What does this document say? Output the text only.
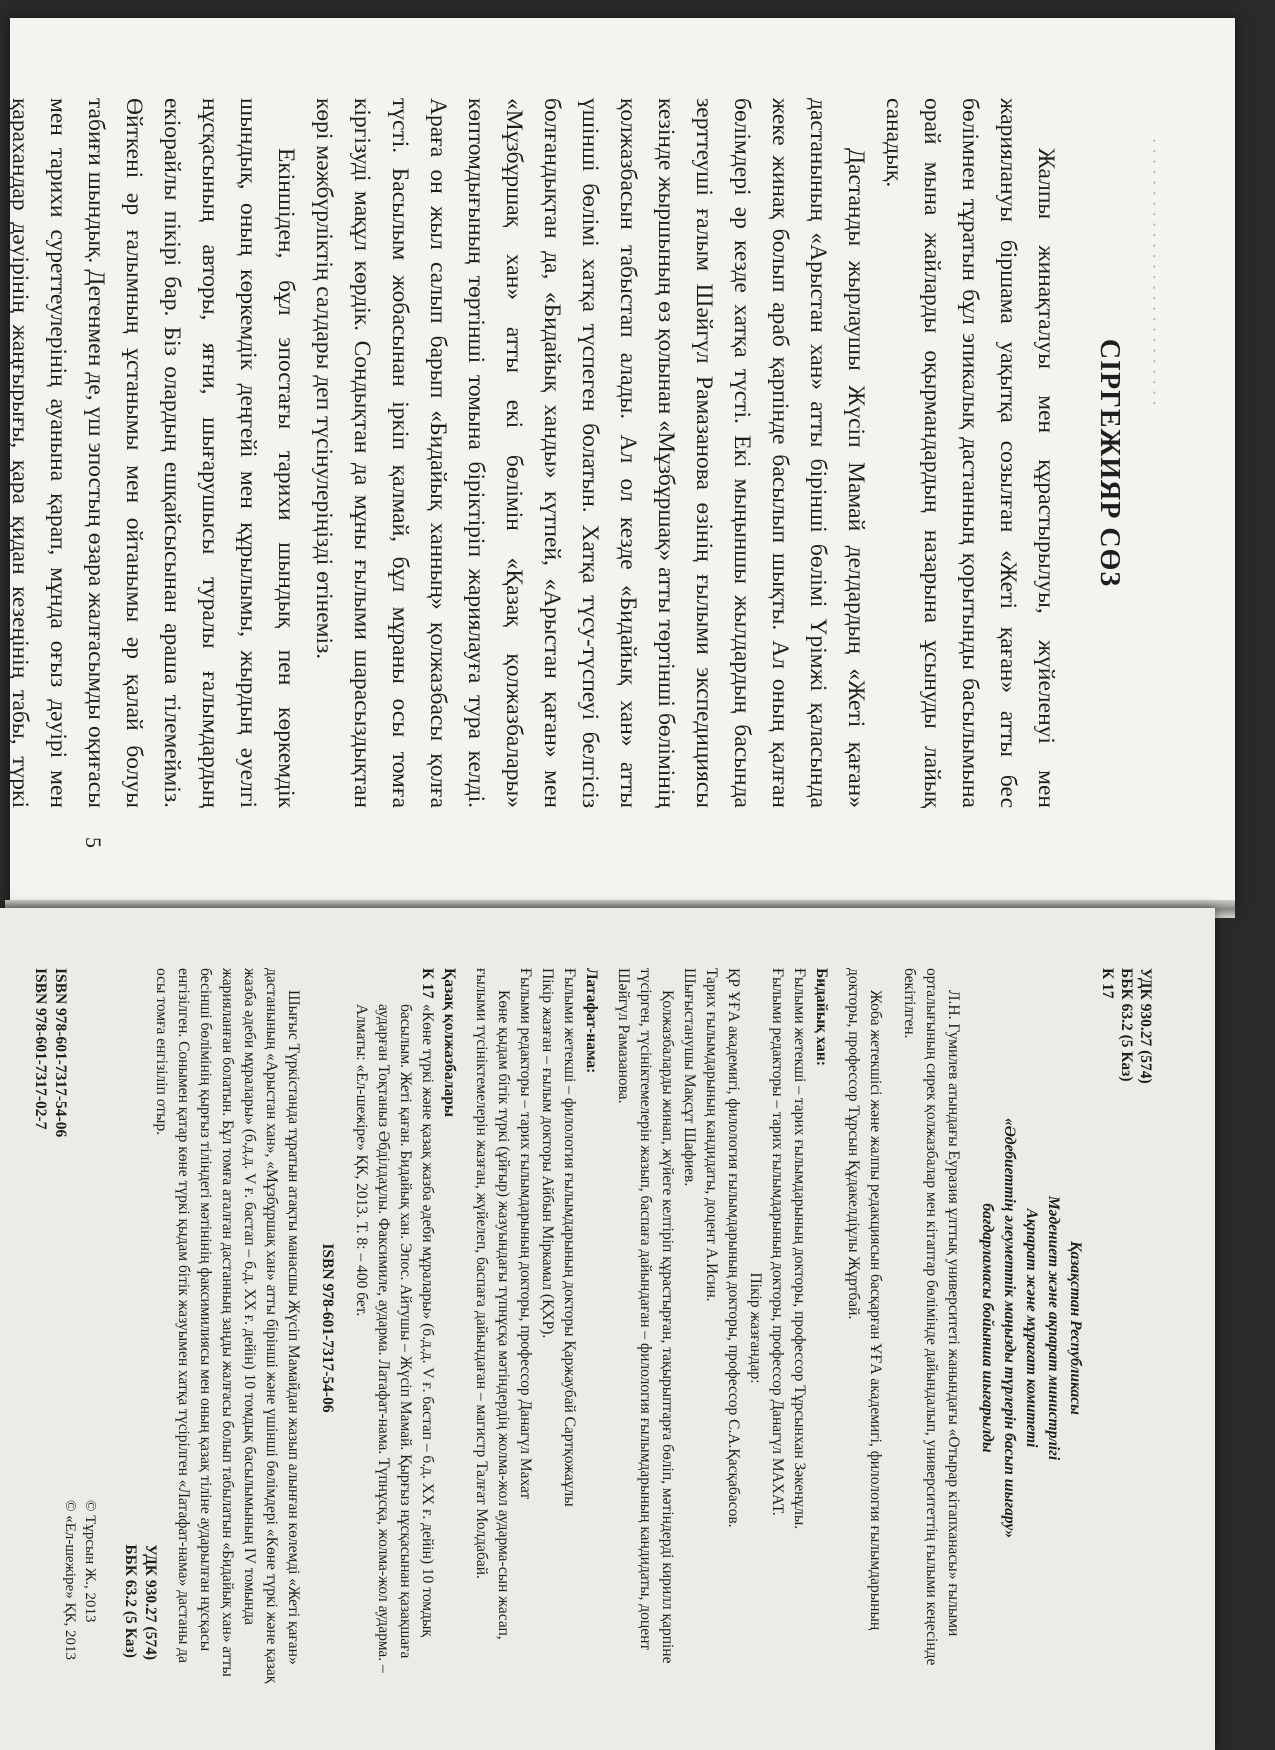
. . . . . . . . . . . . . . . . . . . . . . . . . .
СІРГЕЖИЯР СӨЗ

Жалпы жинақталуы мен құрастырылуы, жүйеленуі мен жариялануы біршама уақытқа созылған «Жеті қаған» атты бес бөлімнен тұратын бұл эпикалық дастанның қорытынды басылымына орай мына жайларды оқырмандардың назарына ұсынуды лайық санадық.

Дастанды жырлаушы Жүсіп Мамай делдардың «Жеті қаған» дастанының «Арыстан хан» атты бірінші бөлімі Үрімжі қаласында жеке жинақ болып араб қарпінде басылып шықты. Ал оның қалған бөлімдері әр кезде хатқа түсті. Екі мыңыншы жылдардың басында зерттеуші ғалым Шәйгүл Рамазанова өзінің ғылыми экспедициясы кезінде жыршының өз қолынан «Мұзбұршақ» атты төртінші бөлімінің қолжазбасын табыстап алады. Ал ол кезде «Бидайық хан» атты үшінші бөлімі хатқа түспеген болатын. Хатқа түсу-түспеуі белгісіз болғандықтан да, «Бидайық ханды» күтпей, «Арыстан қаған» мен «Мұзбұршақ хан» атты екі бөлімін «Қазақ қолжазбалары» көптомдығының төртінші томына біріктіріп жариялауға тура келді. Араға он жыл салып барып «Бидайық ханның» қолжазбасы қолға түсті. Басылым жобасынан іркіп қалмай, бұл мұраны осы томға кіргізуді мақұл көрдік. Сондықтан да мұны ғылыми шарасыздықтан көрі мәжбүрліктің салдары деп түсінулеріңізді өтінеміз.

Екіншіден, бұл эпостағы тарихи шындық пен көркемдік шындық, оның көркемдік деңгейі мен құрылымы, жырдың әуелгі нұсқасының авторы, яғни, шығарушысы туралы ғалымдардың екіорайлы пікірі бар. Біз олардың ешқайсысынан араша тілемейміз. Өйткені әр ғалымның ұстанымы мен ойтанымы әр қалай болуы табиғи шындық. Дегенмен де, үш эпостың өзара жалғасымды оқиғасы мен тарихи суреттеулерінің ауанына қарап, мұнда оғыз дәуірі мен қарахандар дәуірінің жаңғырығы, қара қидан кезеңінің табы, түркі

5
УДК 930.27 (574)
ББК 63.2 (5 Каз)
К 17
Қазақстан Республикасы
Мәдениет және ақпарат министрлігі
Ақпарат және мұрағат комитеті
«Әдебиеттің әлеуметтік маңызды түрлерін басып шығару»
бағдарламасы бойынша шығарылды

Л.Н. Гумилев атындағы Еуразия ұлттық университеті жанындағы «Отырар кітапханасы» ғылыми орталығының сирек қолжазбалар мен кітаптар бөлімінде дайындалып, университеттің ғылыми кеңесінде бекітілген.

Жоба жетекшісі және жалпы редакциясын басқарған ҰҒА академигі, филология ғылымдарының докторы, профессор Тұрсын Құдакелдіұлы Жұртбай.

Бидайық хан:

Ғылыми жетекші – тарих ғылымдарының докторы, профессор Тұрсынхан Зәкенұлы.

Ғылыми редакторы – тарих ғылымдарының докторы, профессор Данагүл МАХАТ.

Пікір жазғандар:

ҚР ҰҒА академигі, филология ғылымдарының докторы, профессор С.А.Қасқабасов.

Тарих ғылымдарының кандидаты, доцент А.Исин.

Шығыстанушы Мақсұт Шафиев.

Қолжазбаларды жинап, жүйеге келтіріп құрастырған, тақырыптарға бөліп, мәтіндерді кирилл қарпіне түсірген, түсініктемелерін жазып, баспаға дайындаған – филология ғылымдарының кандидаты, доцент Шәйгүл Рамазанова.

Латафат-нама:

Ғылыми жетекші – филология ғылымдарының докторы Қаржаубай Сартқожаұлы

Пікір жазған – ғылым докторы Айбын Міркамал (ҚХР).

Ғылыми редакторы – тарих ғылымдарының докторы, профессор Данагүл Махат

Көне қыдам бітік түркі (ұйғыр) жазуындағы түпнұсқа мәтіндердің жолма-жол аударма-сын жасап, ғылыми түсініктемелерін жазған, жүйелеп, баспаға дайындаған – магистр Талғат Молдабай.

Қазақ қолжазбалары
К 17

«Көне түркі және қазақ жазба әдеби мұралары» (б.д.д. V ғ. бастап – б.д. XX ғ. дейін) 10 томдық басылым. Жеті қаған. Бидайық хан. Эпос. Айтушы – Жүсіп Мамай. Қырғыз нұсқасынан қазақшаға аударған Тоқтаныз Әбділдаұлы. Факсимиле, аударма. Латафат-нама. Түпнұсқа, жолма-жол аударма. – Алматы: «Ел-шежіре» ҚК, 2013. Т. 8: – 400 бет.

ISBN 978-601-7317-54-06

Шығыс Түркістанда тұратын атақты манасшы Жүсіп Мамайдан жазып алынған көлемді «Жеті қаған» дастанының «Арыстан хан», «Мұзбұршақ хан» атты бірінші және үшінші бөлімдері «Көне түркі және қазақ жазба әдеби мұралары» (б.д.д. V ғ. бастап – б.д. XX ғ. дейін) 10 томдық басылымының IV томында жарияланған болатын. Бұл томға аталған дастанның заңды жалғасы болып табылатын «Бидайық хан» атты бесінші бөлімінің қырғыз тіліндегі мәтінінің факсимилиясы мен оның қазақ тіліне аударылған нұсқасы енгізілген. Сонымен қатар көне түркі қыдам бітік жазуымен хатқа түсірілген «Латафат-нама» дастаны да осы томға енгізіліп отыр.

УДК 930.27 (574)
ББК 63.2 (5 Каз)
© Тұрсын Ж., 2013
© «Ел-шежіре» ҚК, 2013
ISBN 978-601-7317-54-06
ISBN 978-601-7317-02-7
